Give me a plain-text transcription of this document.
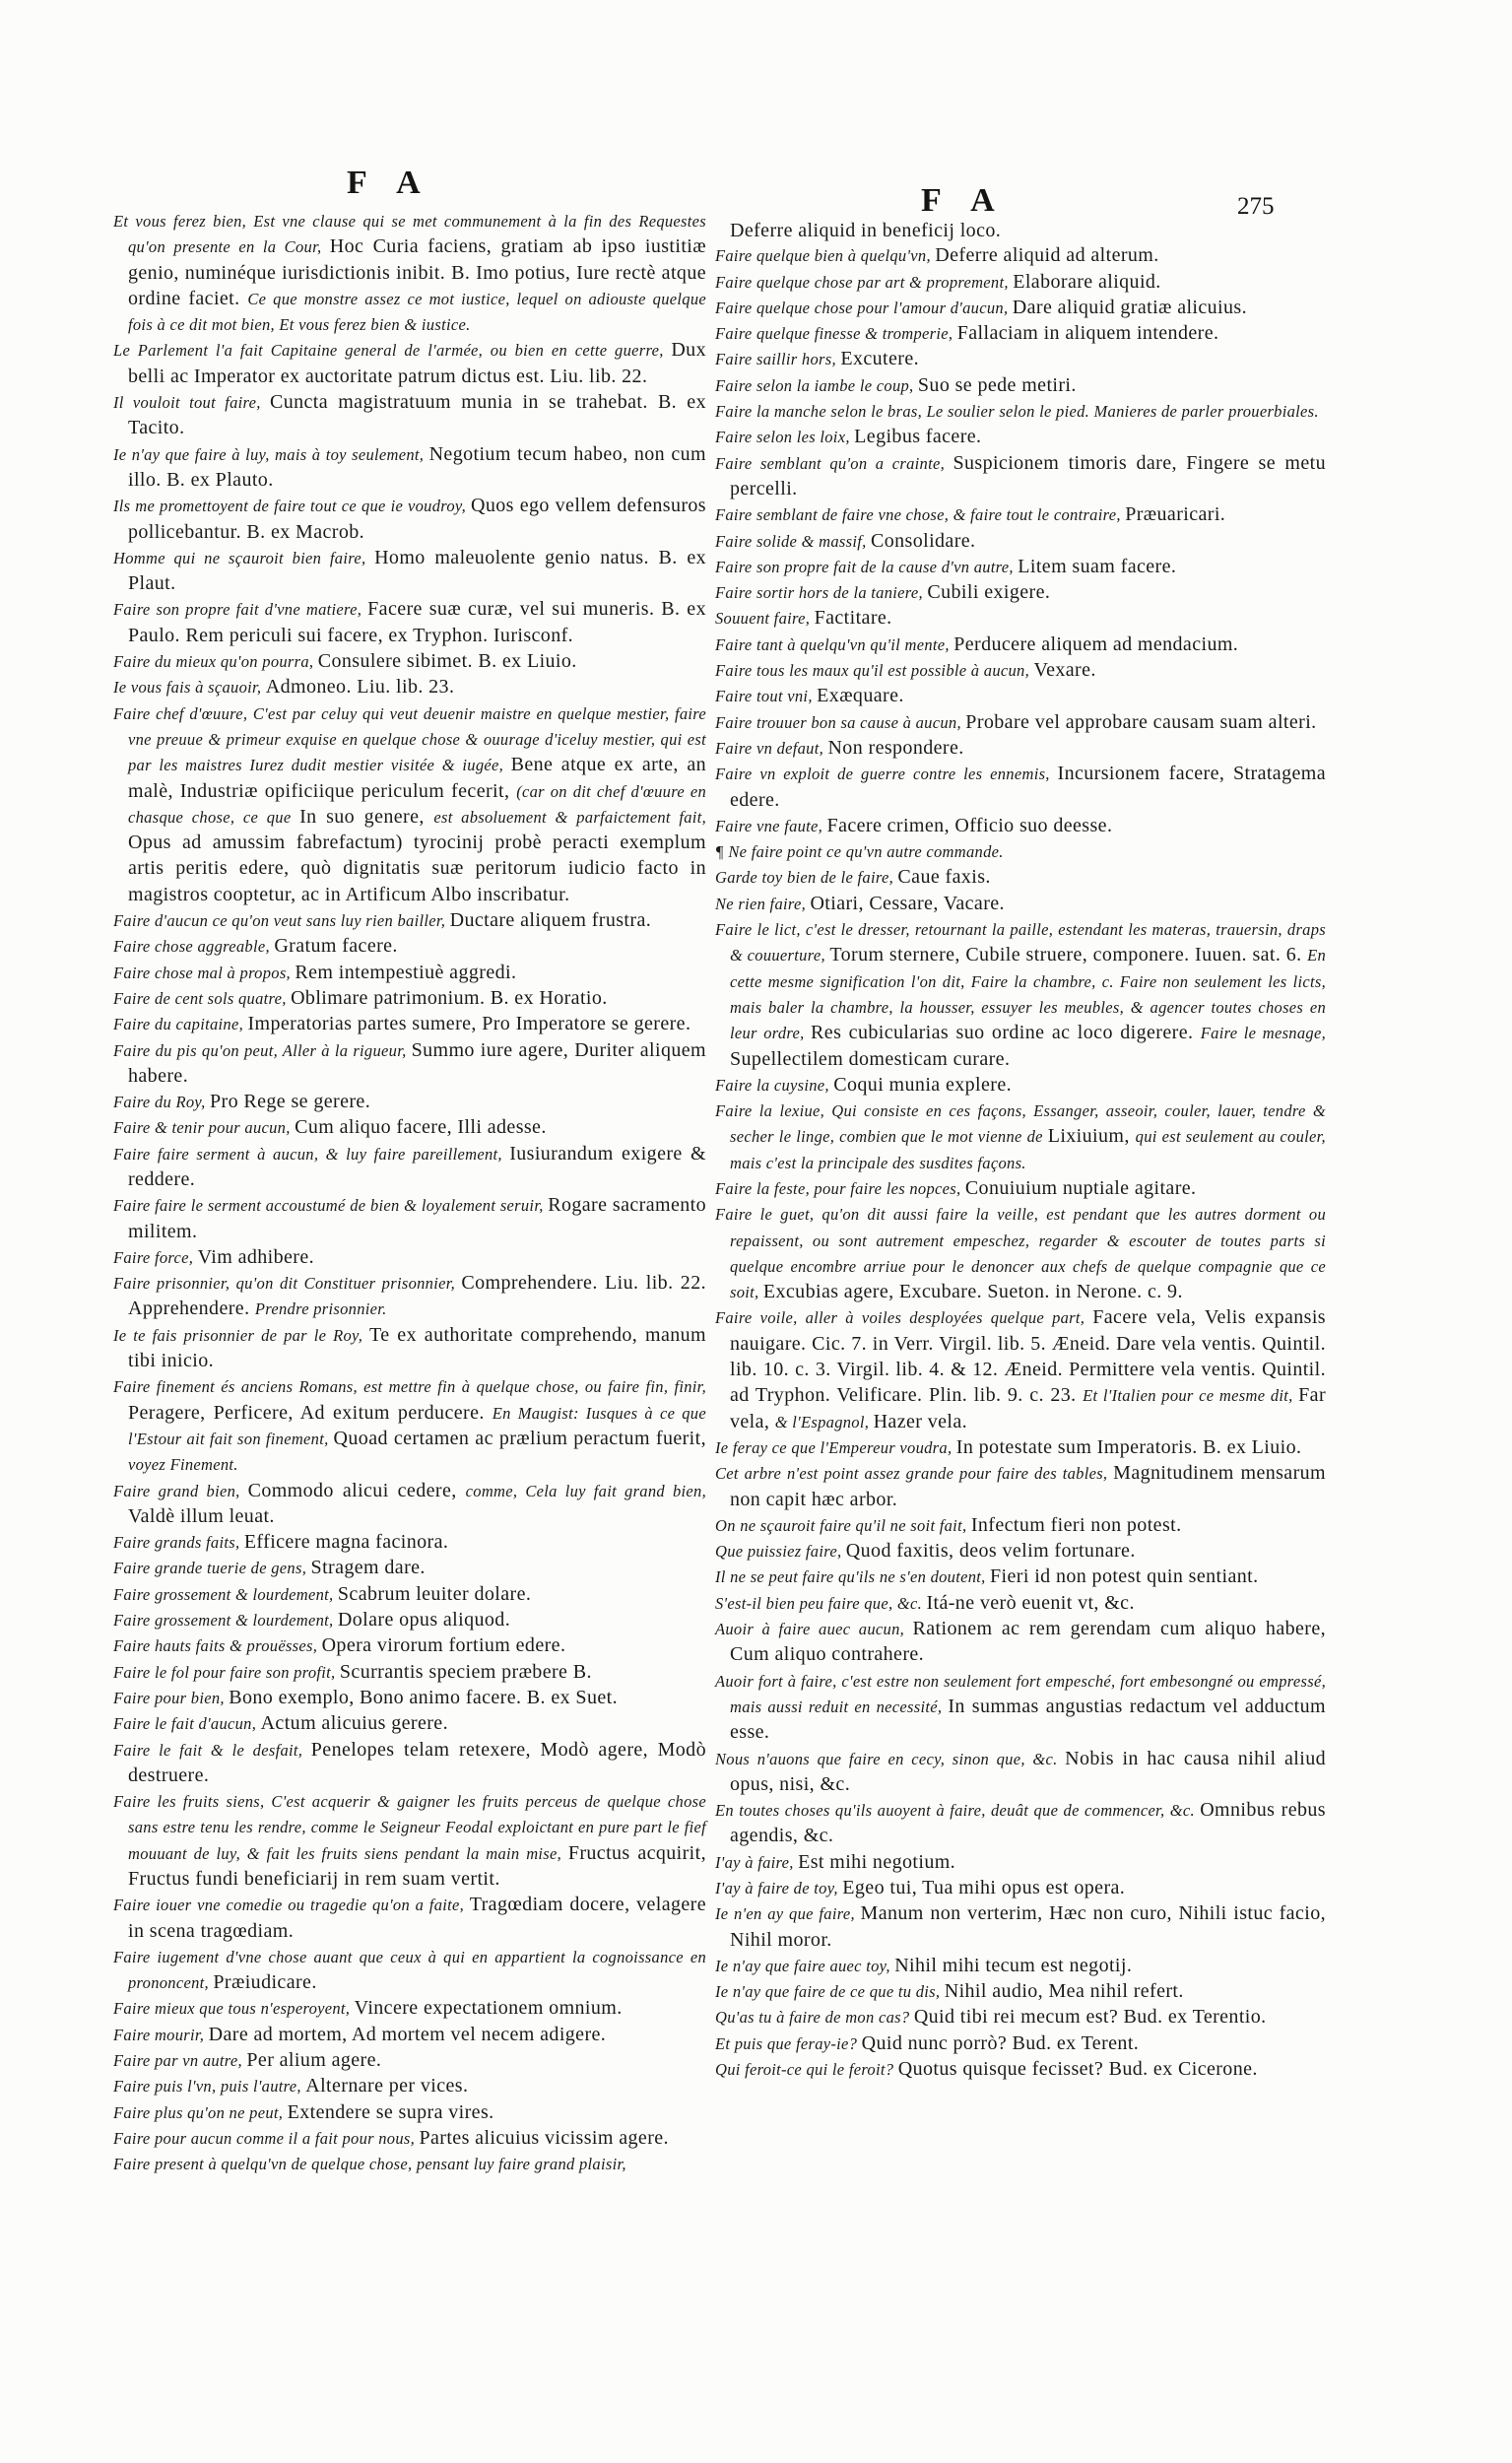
F A	F A	275

Et vous ferez bien, Est vne clause qui se met communement à la fin des Requestes qu'on presente en la Cour, Hoc Curia faciens, gratiam ab ipso iustitiæ genio, numinéque iurisdictionis inibit. B. Imo potius, Iure rectè atque ordine faciet. Ce que monstre assez ce mot iustice, lequel on adiouste quelque fois à ce dit mot bien, Et vous ferez bien & iustice.

Le Parlement l'a fait Capitaine general de l'armée, ou bien en cette guerre, Dux belli ac Imperator ex auctoritate patrum dictus est. Liu. lib. 22.

Il vouloit tout faire, Cuncta magistratuum munia in se trahebat. B. ex Tacito.

Ie n'ay que faire à luy, mais à toy seulement, Negotium tecum habeo, non cum illo. B. ex Plauto.

Ils me promettoyent de faire tout ce que ie voudroy, Quos ego vellem defensuros pollicebantur. B. ex Macrob.

Homme qui ne sçauroit bien faire, Homo maleuolente genio natus. B. ex Plaut.

Faire son propre fait d'vne matiere, Facere suæ curæ, vel sui muneris. B. ex Paulo. Rem periculi sui facere, ex Tryphon. Iurisconf.

Faire du mieux qu'on pourra, Consulere sibimet. B. ex Liuio.

Ie vous fais à sçauoir, Admoneo. Liu. lib. 23.

Faire chef d'œuure, C'est par celuy qui veut deuenir maistre en quelque mestier, faire vne preuue & primeur exquise en quelque chose & ouurage d'iceluy mestier, qui est par les maistres Iurez dudit mestier visitée & iugée, Bene atque ex arte, an malè, Industriæ opificiique periculum fecerit, (car on dit chef d'œuure en chasque chose, ce que In suo genere, est absoluement & parfaictement fait, Opus ad amussim fabrefactum) tyrocinij probè peracti exemplum artis peritis edere, quò dignitatis suæ peritorum iudicio facto in magistros cooptetur, ac in Artificum Albo inscribatur.

Faire d'aucun ce qu'on veut sans luy rien bailler, Ductare aliquem frustra.

Faire chose aggreable, Gratum facere.

Faire chose mal à propos, Rem intempestiuè aggredi.

Faire de cent sols quatre, Oblimare patrimonium. B. ex Horatio.

Faire du capitaine, Imperatorias partes sumere, Pro Imperatore se gerere.

Faire du pis qu'on peut, Aller à la rigueur, Summo iure agere, Duriter aliquem habere.

Faire du Roy, Pro Rege se gerere.

Faire & tenir pour aucun, Cum aliquo facere, Illi adesse.

Faire faire serment à aucun, & luy faire pareillement, Iusiurandum exigere & reddere.

Faire faire le serment accoustumé de bien & loyalement seruir, Rogare sacramento militem.

Faire force, Vim adhibere.

Faire prisonnier, qu'on dit Constituer prisonnier, Comprehendere. Liu. lib. 22. Apprehendere. Prendre prisonnier.

Ie te fais prisonnier de par le Roy, Te ex authoritate comprehendo, manum tibi inicio.

Faire finement és anciens Romans, est mettre fin à quelque chose, ou faire fin, finir, Peragere, Perficere, Ad exitum perducere. En Maugist: Iusques à ce que l'Estour ait fait son finement, Quoad certamen ac prælium peractum fuerit, voyez Finement.

Faire grand bien, Commodo alicui cedere, comme, Cela luy fait grand bien, Valdè illum leuat.

Faire grands faits, Efficere magna facinora.

Faire grande tuerie de gens, Stragem dare.

Faire grossement & lourdement, Scabrum leuiter dolare.

Faire grossement & lourdement, Dolare opus aliquod.

Faire hauts faits & prouësses, Opera virorum fortium edere.

Faire le fol pour faire son profit, Scurrantis speciem præbere B.

Faire pour bien, Bono exemplo, Bono animo facere. B. ex Suet.

Faire le fait d'aucun, Actum alicuius gerere.

Faire le fait & le desfait, Penelopes telam retexere, Modò agere, Modò destruere.

Faire les fruits siens, C'est acquerir & gaigner les fruits perceus de quelque chose sans estre tenu les rendre, comme le Seigneur Feodal exploictant en pure part le fief mouuant de luy, & fait les fruits siens pendant la main mise, Fructus acquirit, Fructus fundi beneficiarij in rem suam vertit.

Faire iouer vne comedie ou tragedie qu'on a faite, Tragœdiam docere, velagere in scena tragœdiam.

Faire iugement d'vne chose auant que ceux à qui en appartient la cognoissance en prononcent, Præiudicare.

Faire mieux que tous n'esperoyent, Vincere expectationem omnium.

Faire mourir, Dare ad mortem, Ad mortem vel necem adigere.

Faire par vn autre, Per alium agere.

Faire puis l'vn, puis l'autre, Alternare per vices.

Faire plus qu'on ne peut, Extendere se supra vires.

Faire pour aucun comme il a fait pour nous, Partes alicuius vicissim agere.

Faire present à quelqu'vn de quelque chose, pensant luy faire grand plaisir,

Deferre aliquid in beneficij loco.

Faire quelque bien à quelqu'vn, Deferre aliquid ad alterum.

Faire quelque chose par art & proprement, Elaborare aliquid.

Faire quelque chose pour l'amour d'aucun, Dare aliquid gratiæ alicuius.

Faire quelque finesse & tromperie, Fallaciam in aliquem intendere.

Faire saillir hors, Excutere.

Faire selon la iambe le coup, Suo se pede metiri.

Faire la manche selon le bras, Le soulier selon le pied. Manieres de parler prouerbiales.

Faire selon les loix, Legibus facere.

Faire semblant qu'on a crainte, Suspicionem timoris dare, Fingere se metu percelli.

Faire semblant de faire vne chose, & faire tout le contraire, Præuaricari.

Faire solide & massif, Consolidare.

Faire son propre fait de la cause d'vn autre, Litem suam facere.

Faire sortir hors de la taniere, Cubili exigere.

Souuent faire, Factitare.

Faire tant à quelqu'vn qu'il mente, Perducere aliquem ad mendacium.

Faire tous les maux qu'il est possible à aucun, Vexare.

Faire tout vni, Exæquare.

Faire trouuer bon sa cause à aucun, Probare vel approbare causam suam alteri.

Faire vn defaut, Non respondere.

Faire vn exploit de guerre contre les ennemis, Incursionem facere, Stratagema edere.

Faire vne faute, Facere crimen, Officio suo deesse.

¶ Ne faire point ce qu'vn autre commande.

Garde toy bien de le faire, Caue faxis.

Ne rien faire, Otiari, Cessare, Vacare.

Faire le lict, c'est le dresser, retournant la paille, estendant les materas, trauersin, draps & couuerture, Torum sternere, Cubile struere, componere. Iuuen. sat. 6. En cette mesme signification l'on dit, Faire la chambre, c. Faire non seulement les licts, mais baler la chambre, la housser, essuyer les meubles, & agencer toutes choses en leur ordre, Res cubicularias suo ordine ac loco digerere. Faire le mesnage, Supellectilem domesticam curare.

Faire la cuysine, Coqui munia explere.

Faire la lexiue, Qui consiste en ces façons, Essanger, asseoir, couler, lauer, tendre & secher le linge, combien que le mot vienne de Lixiuium, qui est seulement au couler, mais c'est la principale des susdites façons.

Faire la feste, pour faire les nopces, Conuiuium nuptiale agitare.

Faire le guet, qu'on dit aussi faire la veille, est pendant que les autres dorment ou repaissent, ou sont autrement empeschez, regarder & escouter de toutes parts si quelque encombre arriue pour le denoncer aux chefs de quelque compagnie que ce soit, Excubias agere, Excubare. Sueton. in Nerone. c. 9.

Faire voile, aller à voiles desployées quelque part, Facere vela, Velis expansis nauigare. Cic. 7. in Verr. Virgil. lib. 5. Æneid. Dare vela ventis. Quintil. lib. 10. c. 3. Virgil. lib. 4. & 12. Æneid. Permittere vela ventis. Quintil. ad Tryphon. Velificare. Plin. lib. 9. c. 23. Et l'Italien pour ce mesme dit, Far vela, & l'Espagnol, Hazer vela.

Ie feray ce que l'Empereur voudra, In potestate sum Imperatoris. B. ex Liuio.

Cet arbre n'est point assez grande pour faire des tables, Magnitudinem mensarum non capit hæc arbor.

On ne sçauroit faire qu'il ne soit fait, Infectum fieri non potest.

Que puissiez faire, Quod faxitis, deos velim fortunare.

Il ne se peut faire qu'ils ne s'en doutent, Fieri id non potest quin sentiant.

S'est-il bien peu faire que, &c. Itá-ne verò euenit vt, &c.

Auoir à faire auec aucun, Rationem ac rem gerendam cum aliquo habere, Cum aliquo contrahere.

Auoir fort à faire, c'est estre non seulement fort empesché, fort embesongné ou empressé, mais aussi reduit en necessité, In summas angustias redactum vel adductum esse.

Nous n'auons que faire en cecy, sinon que, &c. Nobis in hac causa nihil aliud opus, nisi, &c.

En toutes choses qu'ils auoyent à faire, deuât que de commencer, &c. Omnibus rebus agendis, &c.

I'ay à faire, Est mihi negotium.

I'ay à faire de toy, Egeo tui, Tua mihi opus est opera.

Ie n'en ay que faire, Manum non verterim, Hæc non curo, Nihili istuc facio, Nihil moror.

Ie n'ay que faire auec toy, Nihil mihi tecum est negotij.

Ie n'ay que faire de ce que tu dis, Nihil audio, Mea nihil refert.

Qu'as tu à faire de mon cas? Quid tibi rei mecum est? Bud. ex Terentio.

Et puis que feray-ie? Quid nunc porrò? Bud. ex Terent.

Qui feroit-ce qui le feroit? Quotus quisque fecisset? Bud. ex Cicerone.
